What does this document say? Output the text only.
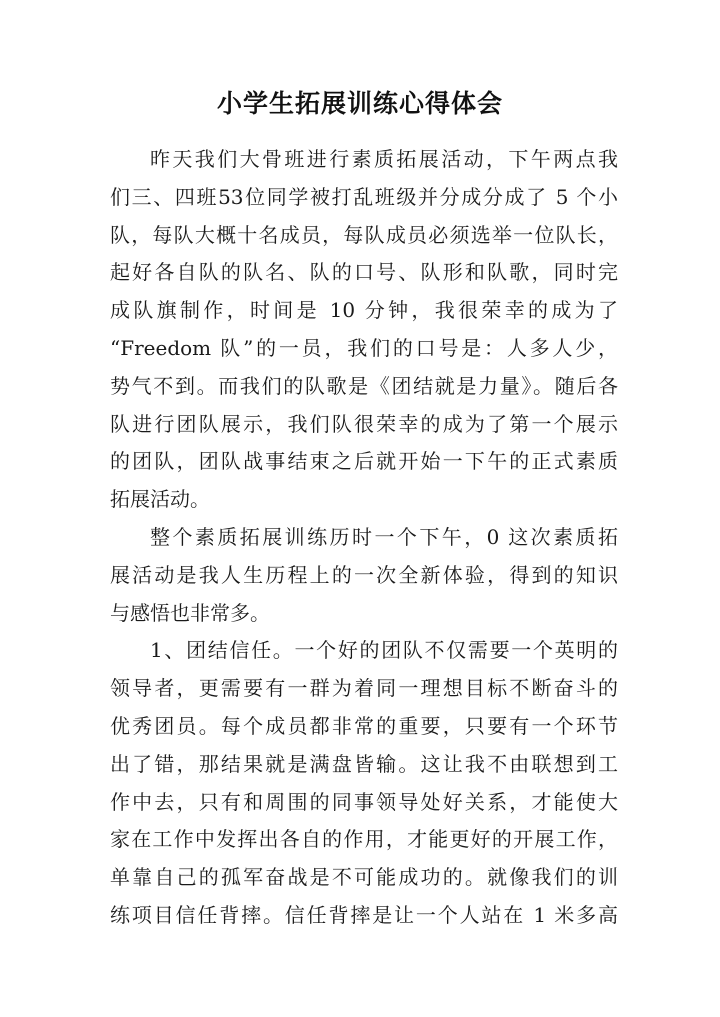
小学生拓展训练心得体会
昨天我们大骨班进行素质拓展活动，下午两点我
们三、四班53位同学被打乱班级并分成分成了 5 个小
队，每队大概十名成员，每队成员必须选举一位队长，
起好各自队的队名、队的口号、队形和队歌，同时完
成队旗制作，时间是 10 分钟，我很荣幸的成为了
“Freedom 队”的一员，我们的口号是：人多人少，
势气不到。而我们的队歌是《团结就是力量》。随后各
队进行团队展示，我们队很荣幸的成为了第一个展示
的团队，团队战事结束之后就开始一下午的正式素质
拓展活动。
整个素质拓展训练历时一个下午，0 这次素质拓
展活动是我人生历程上的一次全新体验，得到的知识
与感悟也非常多。
1、团结信任。一个好的团队不仅需要一个英明的
领导者，更需要有一群为着同一理想目标不断奋斗的
优秀团员。每个成员都非常的重要，只要有一个环节
出了错，那结果就是满盘皆输。这让我不由联想到工
作中去，只有和周围的同事领导处好关系，才能使大
家在工作中发挥出各自的作用，才能更好的开展工作，
单靠自己的孤军奋战是不可能成功的。就像我们的训
练项目信任背摔。信任背摔是让一个人站在 1 米多高
